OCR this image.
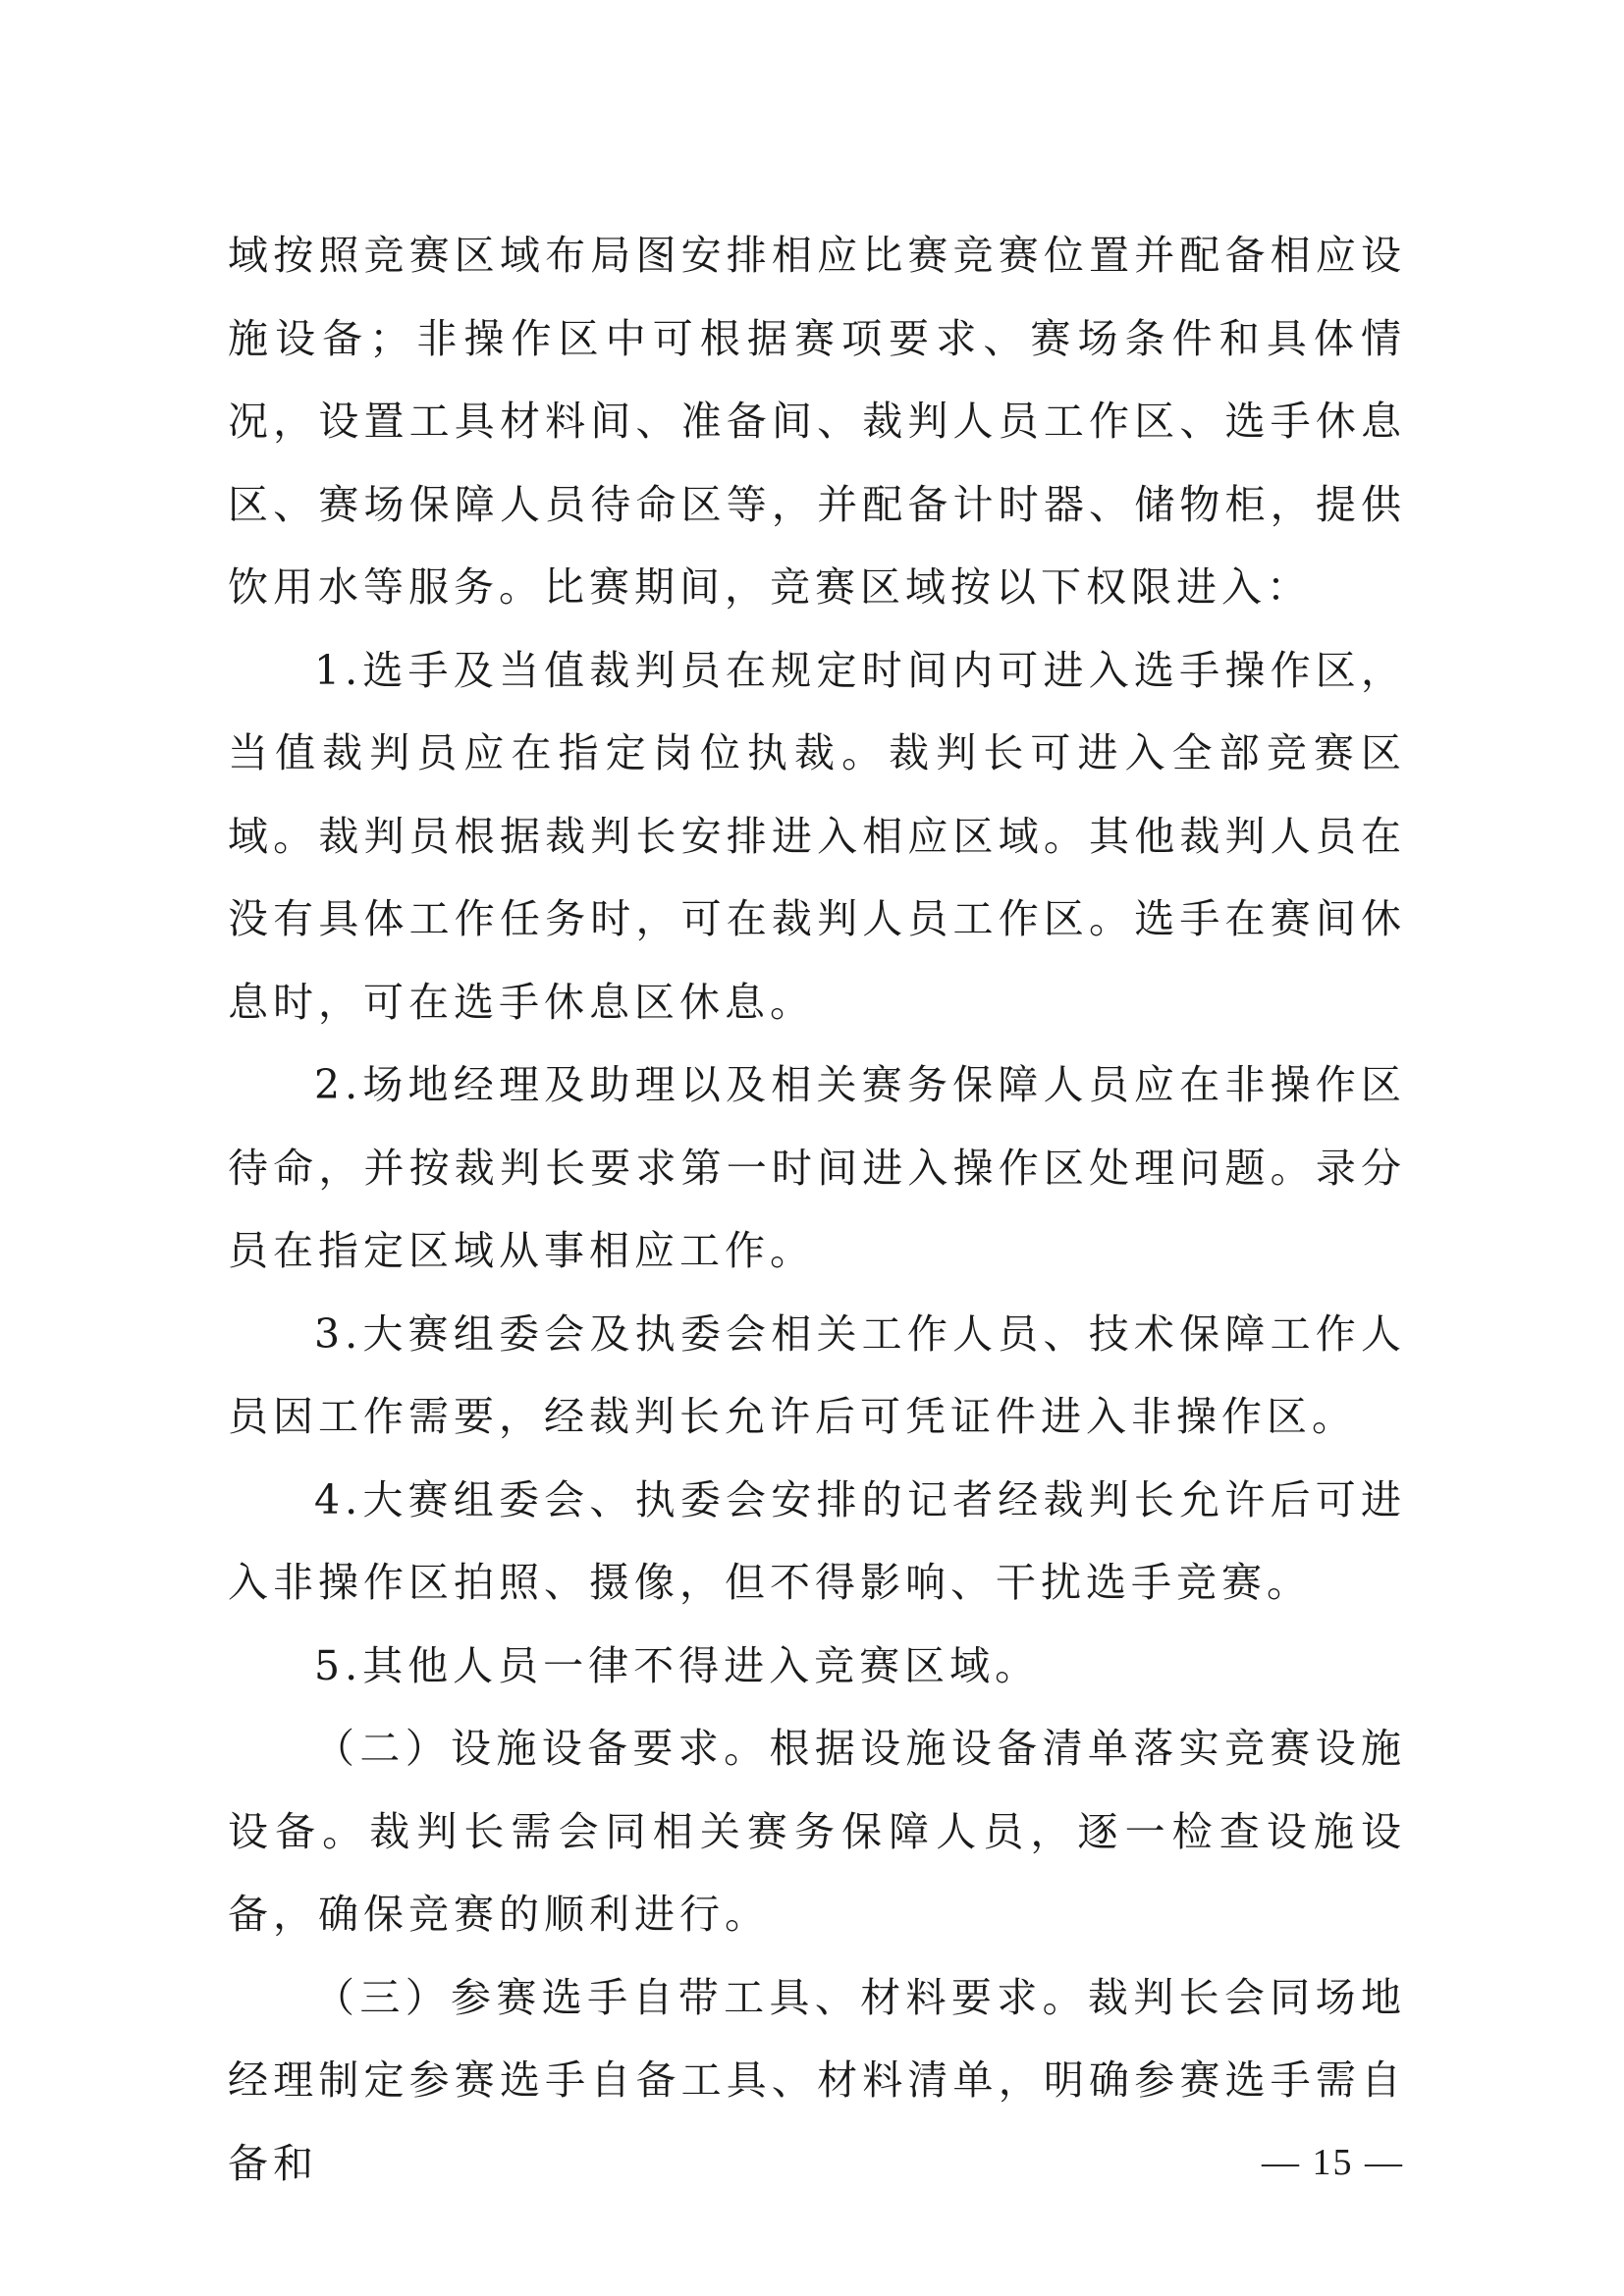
域按照竞赛区域布局图安排相应比赛竞赛位置并配备相应设施设备；非操作区中可根据赛项要求、赛场条件和具体情况，设置工具材料间、准备间、裁判人员工作区、选手休息区、赛场保障人员待命区等，并配备计时器、储物柜，提供饮用水等服务。比赛期间，竞赛区域按以下权限进入：

1.选手及当值裁判员在规定时间内可进入选手操作区，当值裁判员应在指定岗位执裁。裁判长可进入全部竞赛区域。裁判员根据裁判长安排进入相应区域。其他裁判人员在没有具体工作任务时，可在裁判人员工作区。选手在赛间休息时，可在选手休息区休息。

2.场地经理及助理以及相关赛务保障人员应在非操作区待命，并按裁判长要求第一时间进入操作区处理问题。录分员在指定区域从事相应工作。

3.大赛组委会及执委会相关工作人员、技术保障工作人员因工作需要，经裁判长允许后可凭证件进入非操作区。

4.大赛组委会、执委会安排的记者经裁判长允许后可进入非操作区拍照、摄像，但不得影响、干扰选手竞赛。

5.其他人员一律不得进入竞赛区域。

（二）设施设备要求。根据设施设备清单落实竞赛设施设备。裁判长需会同相关赛务保障人员，逐一检查设施设备，确保竞赛的顺利进行。

（三）参赛选手自带工具、材料要求。裁判长会同场地经理制定参赛选手自备工具、材料清单，明确参赛选手需自备和	— 15 —
